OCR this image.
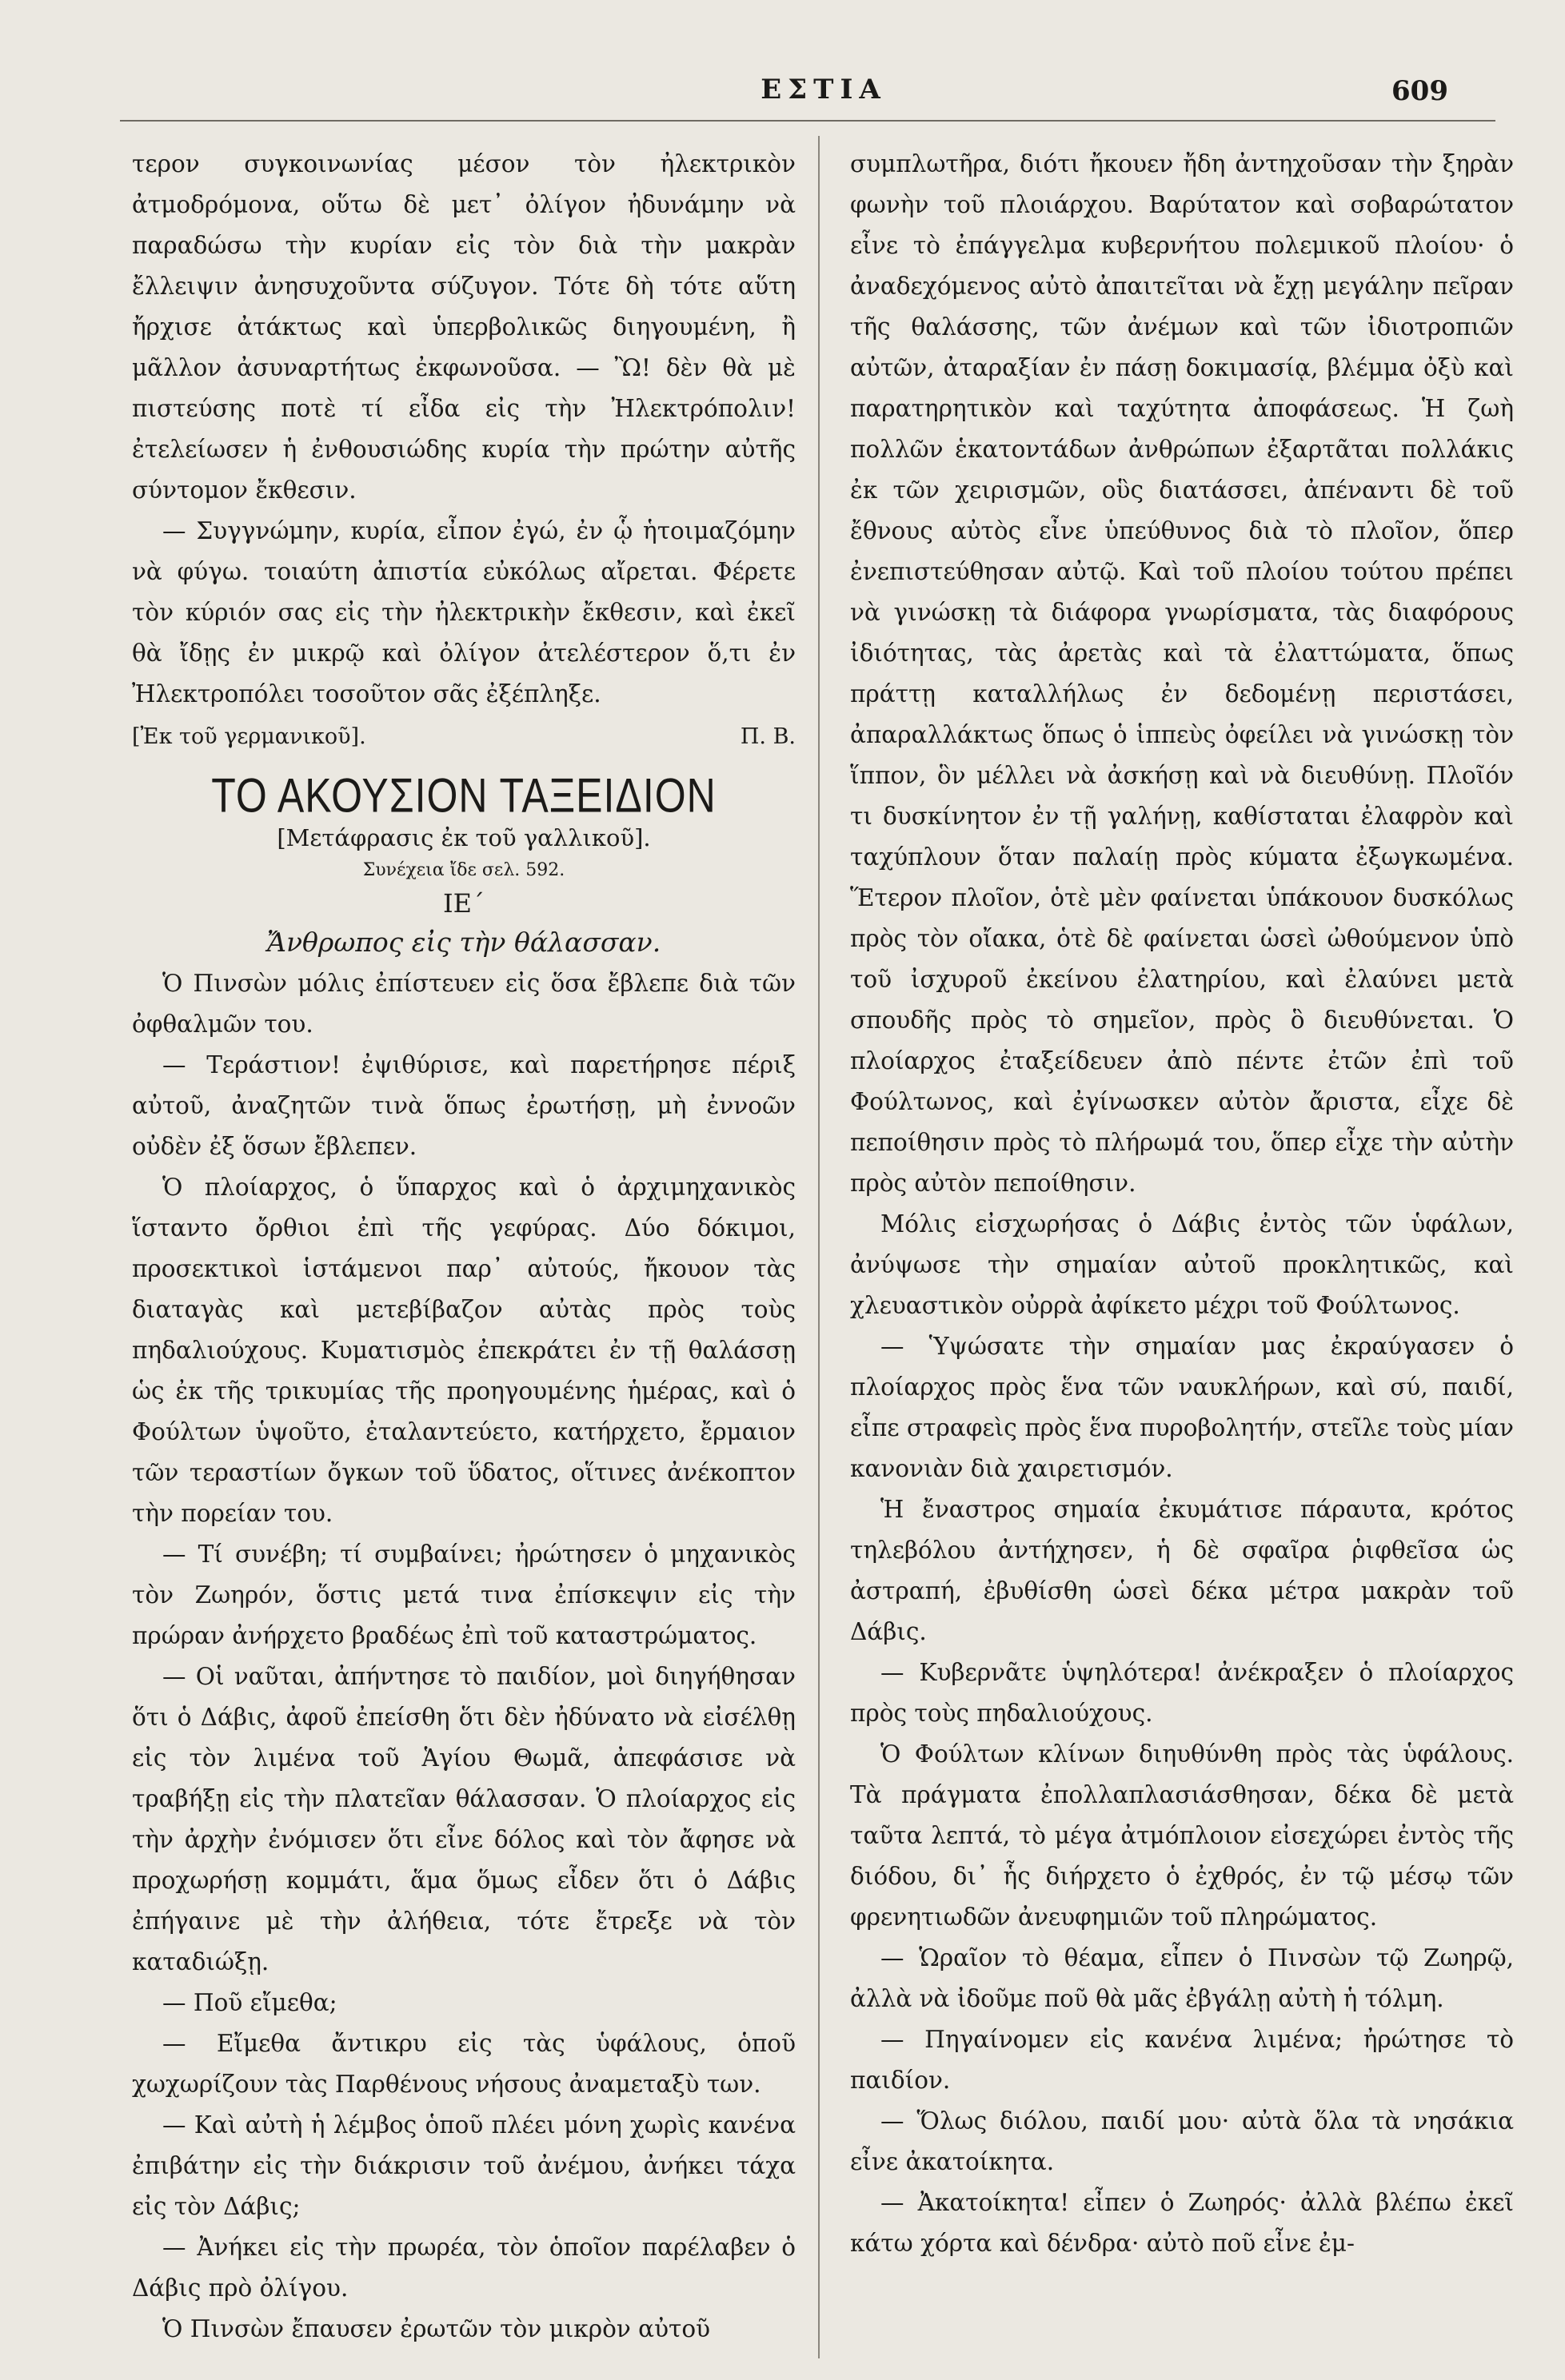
ΕΣΤΙΑ	609

τερον συγκοινωνίας μέσον τὸν ἠλεκτρικὸν ἀτμοδρόμονα, οὕτω δὲ μετ᾿ ὀλίγον ἠδυνάμην νὰ παραδώσω τὴν κυρίαν εἰς τὸν διὰ τὴν μακρὰν ἔλλειψιν ἀνησυχοῦντα σύζυγον. Τότε δὴ τότε αὕτη ἤρχισε ἀτάκτως καὶ ὑπερβολικῶς διηγουμένη, ἢ μᾶλλον ἀσυναρτήτως ἐκφωνοῦσα. — Ὢ! δὲν θὰ μὲ πιστεύσης ποτὲ τί εἶδα εἰς τὴν Ἠλεκτρόπολιν! ἐτελείωσεν ἡ ἐνθουσιώδης κυρία τὴν πρώτην αὐτῆς σύντομον ἔκθεσιν.

— Συγγνώμην, κυρία, εἶπον ἐγώ, ἐν ᾧ ἡτοιμαζόμην νὰ φύγω. τοιαύτη ἀπιστία εὐκόλως αἴρεται. Φέρετε τὸν κύριόν σας εἰς τὴν ἠλεκτρικὴν ἔκθεσιν, καὶ ἐκεῖ θὰ ἴδῃς ἐν μικρῷ καὶ ὀλίγον ἀτελέστερον ὅ,τι ἐν Ἠλεκτροπόλει τοσοῦτον σᾶς ἐξέπληξε.

[Ἐκ τοῦ γερμανικοῦ].	Π. Β.
ΤΟ ΑΚΟΥΣΙΟΝ ΤΑΞΕΙΔΙΟΝ
[Μετάφρασις ἐκ τοῦ γαλλικοῦ].
Συνέχεια ἴδε σελ. 592.
ΙΕ΄
Ἄνθρωπος εἰς τὴν θάλασσαν.

Ὁ Πινσὼν μόλις ἐπίστευεν εἰς ὅσα ἔβλεπε διὰ τῶν ὀφθαλμῶν του.

— Τεράστιον! ἐψιθύρισε, καὶ παρετήρησε πέριξ αὐτοῦ, ἀναζητῶν τινὰ ὅπως ἐρωτήσῃ, μὴ ἐννοῶν οὐδὲν ἐξ ὅσων ἔβλεπεν.

Ὁ πλοίαρχος, ὁ ὕπαρχος καὶ ὁ ἀρχιμηχανικὸς ἵσταντο ὄρθιοι ἐπὶ τῆς γεφύρας. Δύο δόκιμοι, προσεκτικοὶ ἱστάμενοι παρ᾿ αὐτούς, ἤκουον τὰς διαταγὰς καὶ μετεβίβαζον αὐτὰς πρὸς τοὺς πηδαλιούχους. Κυματισμὸς ἐπεκράτει ἐν τῇ θαλάσσῃ ὡς ἐκ τῆς τρικυμίας τῆς προηγουμένης ἡμέρας, καὶ ὁ Φούλτων ὑψοῦτο, ἐταλαντεύετο, κατήρχετο, ἔρμαιον τῶν τεραστίων ὄγκων τοῦ ὕδατος, οἵτινες ἀνέκοπτον τὴν πορείαν του.

— Τί συνέβη; τί συμβαίνει; ἠρώτησεν ὁ μηχανικὸς τὸν Ζωηρόν, ὅστις μετά τινα ἐπίσκεψιν εἰς τὴν πρώραν ἀνήρχετο βραδέως ἐπὶ τοῦ καταστρώματος.

— Οἱ ναῦται, ἀπήντησε τὸ παιδίον, μοὶ διηγήθησαν ὅτι ὁ Δάβις, ἀφοῦ ἐπείσθη ὅτι δὲν ἠδύνατο νὰ εἰσέλθῃ εἰς τὸν λιμένα τοῦ Ἁγίου Θωμᾶ, ἀπεφάσισε νὰ τραβήξῃ εἰς τὴν πλατεῖαν θάλασσαν. Ὁ πλοίαρχος εἰς τὴν ἀρχὴν ἐνόμισεν ὅτι εἶνε δόλος καὶ τὸν ἄφησε νὰ προχωρήσῃ κομμάτι, ἅμα ὅμως εἶδεν ὅτι ὁ Δάβις ἐπήγαινε μὲ τὴν ἀλήθεια, τότε ἔτρεξε νὰ τὸν καταδιώξῃ.

— Ποῦ εἴμεθα;

— Εἴμεθα ἄντικρυ εἰς τὰς ὑφάλους, ὁποῦ χωχωρίζουν τὰς Παρθένους νήσους ἀναμεταξὺ των.

— Καὶ αὐτὴ ἡ λέμβος ὁποῦ πλέει μόνη χωρὶς κανένα ἐπιβάτην εἰς τὴν διάκρισιν τοῦ ἀνέμου, ἀνήκει τάχα εἰς τὸν Δάβις;

— Ἀνήκει εἰς τὴν πρωρέα, τὸν ὁποῖον παρέλαβεν ὁ Δάβις πρὸ ὀλίγου.

Ὁ Πινσὼν ἔπαυσεν ἐρωτῶν τὸν μικρὸν αὐτοῦ

συμπλωτῆρα, διότι ἤκουεν ἤδη ἀντηχοῦσαν τὴν ξηρὰν φωνὴν τοῦ πλοιάρχου. Βαρύτατον καὶ σοβαρώτατον εἶνε τὸ ἐπάγγελμα κυβερνήτου πολεμικοῦ πλοίου· ὁ ἀναδεχόμενος αὐτὸ ἀπαιτεῖται νὰ ἔχῃ μεγάλην πεῖραν τῆς θαλάσσης, τῶν ἀνέμων καὶ τῶν ἰδιοτροπιῶν αὐτῶν, ἀταραξίαν ἐν πάσῃ δοκιμασίᾳ, βλέμμα ὀξὺ καὶ παρατηρητικὸν καὶ ταχύτητα ἀποφάσεως. Ἡ ζωὴ πολλῶν ἑκατοντάδων ἀνθρώπων ἐξαρτᾶται πολλάκις ἐκ τῶν χειρισμῶν, οὓς διατάσσει, ἀπέναντι δὲ τοῦ ἔθνους αὐτὸς εἶνε ὑπεύθυνος διὰ τὸ πλοῖον, ὅπερ ἐνεπιστεύθησαν αὐτῷ. Καὶ τοῦ πλοίου τούτου πρέπει νὰ γινώσκῃ τὰ διάφορα γνωρίσματα, τὰς διαφόρους ἰδιότητας, τὰς ἀρετὰς καὶ τὰ ἐλαττώματα, ὅπως πράττῃ καταλλήλως ἐν δεδομένῃ περιστάσει, ἀπαραλλάκτως ὅπως ὁ ἱππεὺς ὀφείλει νὰ γινώσκῃ τὸν ἵππον, ὃν μέλλει νὰ ἀσκήσῃ καὶ νὰ διευθύνῃ. Πλοῖόν τι δυσκίνητον ἐν τῇ γαλήνῃ, καθίσταται ἐλαφρὸν καὶ ταχύπλουν ὅταν παλαίῃ πρὸς κύματα ἐξωγκωμένα. Ἕτερον πλοῖον, ὁτὲ μὲν φαίνεται ὑπάκουον δυσκόλως πρὸς τὸν οἴακα, ὁτὲ δὲ φαίνεται ὡσεὶ ὠθούμενον ὑπὸ τοῦ ἰσχυροῦ ἐκείνου ἐλατηρίου, καὶ ἐλαύνει μετὰ σπουδῆς πρὸς τὸ σημεῖον, πρὸς ὃ διευθύνεται. Ὁ πλοίαρχος ἐταξείδευεν ἀπὸ πέντε ἐτῶν ἐπὶ τοῦ Φούλτωνος, καὶ ἐγίνωσκεν αὐτὸν ἄριστα, εἶχε δὲ πεποίθησιν πρὸς τὸ πλήρωμά του, ὅπερ εἶχε τὴν αὐτὴν πρὸς αὐτὸν πεποίθησιν.

Μόλις εἰσχωρήσας ὁ Δάβις ἐντὸς τῶν ὑφάλων, ἀνύψωσε τὴν σημαίαν αὐτοῦ προκλητικῶς, καὶ χλευαστικὸν οὐρρὰ ἀφίκετο μέχρι τοῦ Φούλτωνος.

— Ὑψώσατε τὴν σημαίαν μας ἐκραύγασεν ὁ πλοίαρχος πρὸς ἕνα τῶν ναυκλήρων, καὶ σύ, παιδί, εἶπε στραφεὶς πρὸς ἕνα πυροβολητήν, στεῖλε τοὺς μίαν κανονιὰν διὰ χαιρετισμόν.

Ἡ ἔναστρος σημαία ἐκυμάτισε πάραυτα, κρότος τηλεβόλου ἀντήχησεν, ἡ δὲ σφαῖρα ῥιφθεῖσα ὡς ἀστραπή, ἐβυθίσθη ὡσεὶ δέκα μέτρα μακρὰν τοῦ Δάβις.

— Κυβερνᾶτε ὑψηλότερα! ἀνέκραξεν ὁ πλοίαρχος πρὸς τοὺς πηδαλιούχους.

Ὁ Φούλτων κλίνων διηυθύνθη πρὸς τὰς ὑφάλους. Τὰ πράγματα ἐπολλαπλασιάσθησαν, δέκα δὲ μετὰ ταῦτα λεπτά, τὸ μέγα ἀτμόπλοιον εἰσεχώρει ἐντὸς τῆς διόδου, δι᾿ ἧς διήρχετο ὁ ἐχθρός, ἐν τῷ μέσῳ τῶν φρενητιωδῶν ἀνευφημιῶν τοῦ πληρώματος.

— Ὡραῖον τὸ θέαμα, εἶπεν ὁ Πινσὼν τῷ Ζωηρῷ, ἀλλὰ νὰ ἰδοῦμε ποῦ θὰ μᾶς ἐβγάλῃ αὐτὴ ἡ τόλμη.

— Πηγαίνομεν εἰς κανένα λιμένα; ἠρώτησε τὸ παιδίον.

— Ὅλως διόλου, παιδί μου· αὐτὰ ὅλα τὰ νησάκια εἶνε ἀκατοίκητα.

— Ἀκατοίκητα! εἶπεν ὁ Ζωηρός· ἀλλὰ βλέπω ἐκεῖ κάτω χόρτα καὶ δένδρα· αὐτὸ ποῦ εἶνε ἐμ-
